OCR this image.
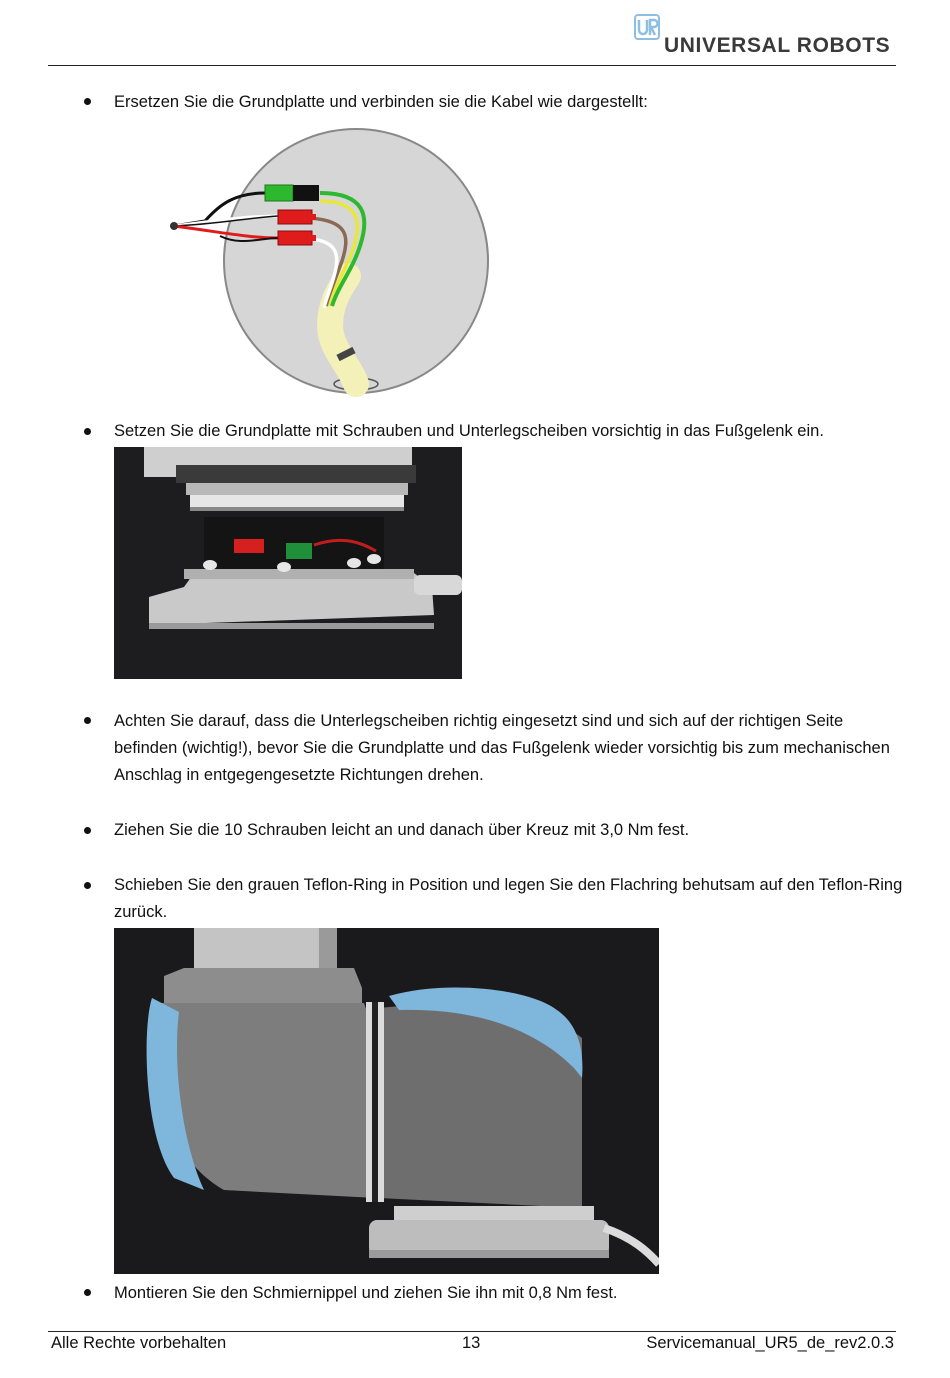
UNIVERSAL ROBOTS
Ersetzen Sie die Grundplatte und verbinden sie die Kabel wie dargestellt:
Setzen Sie die Grundplatte mit Schrauben und Unterlegscheiben vorsichtig in das Fußgelenk ein.
Achten Sie darauf, dass die Unterlegscheiben richtig eingesetzt sind und sich auf der richtigen Seite befinden (wichtig!), bevor Sie die Grundplatte und das Fußgelenk wieder vorsichtig bis zum mechanischen Anschlag in entgegengesetzte Richtungen drehen.
Ziehen Sie die 10 Schrauben leicht an und danach über Kreuz mit 3,0 Nm fest.
Schieben Sie den grauen Teflon-Ring in Position und legen Sie den Flachring behutsam auf den Teflon-Ring zurück.
Montieren Sie den Schmiernippel und ziehen Sie ihn mit 0,8 Nm fest.
Alle Rechte vorbehalten	13	Servicemanual_UR5_de_rev2.0.3
